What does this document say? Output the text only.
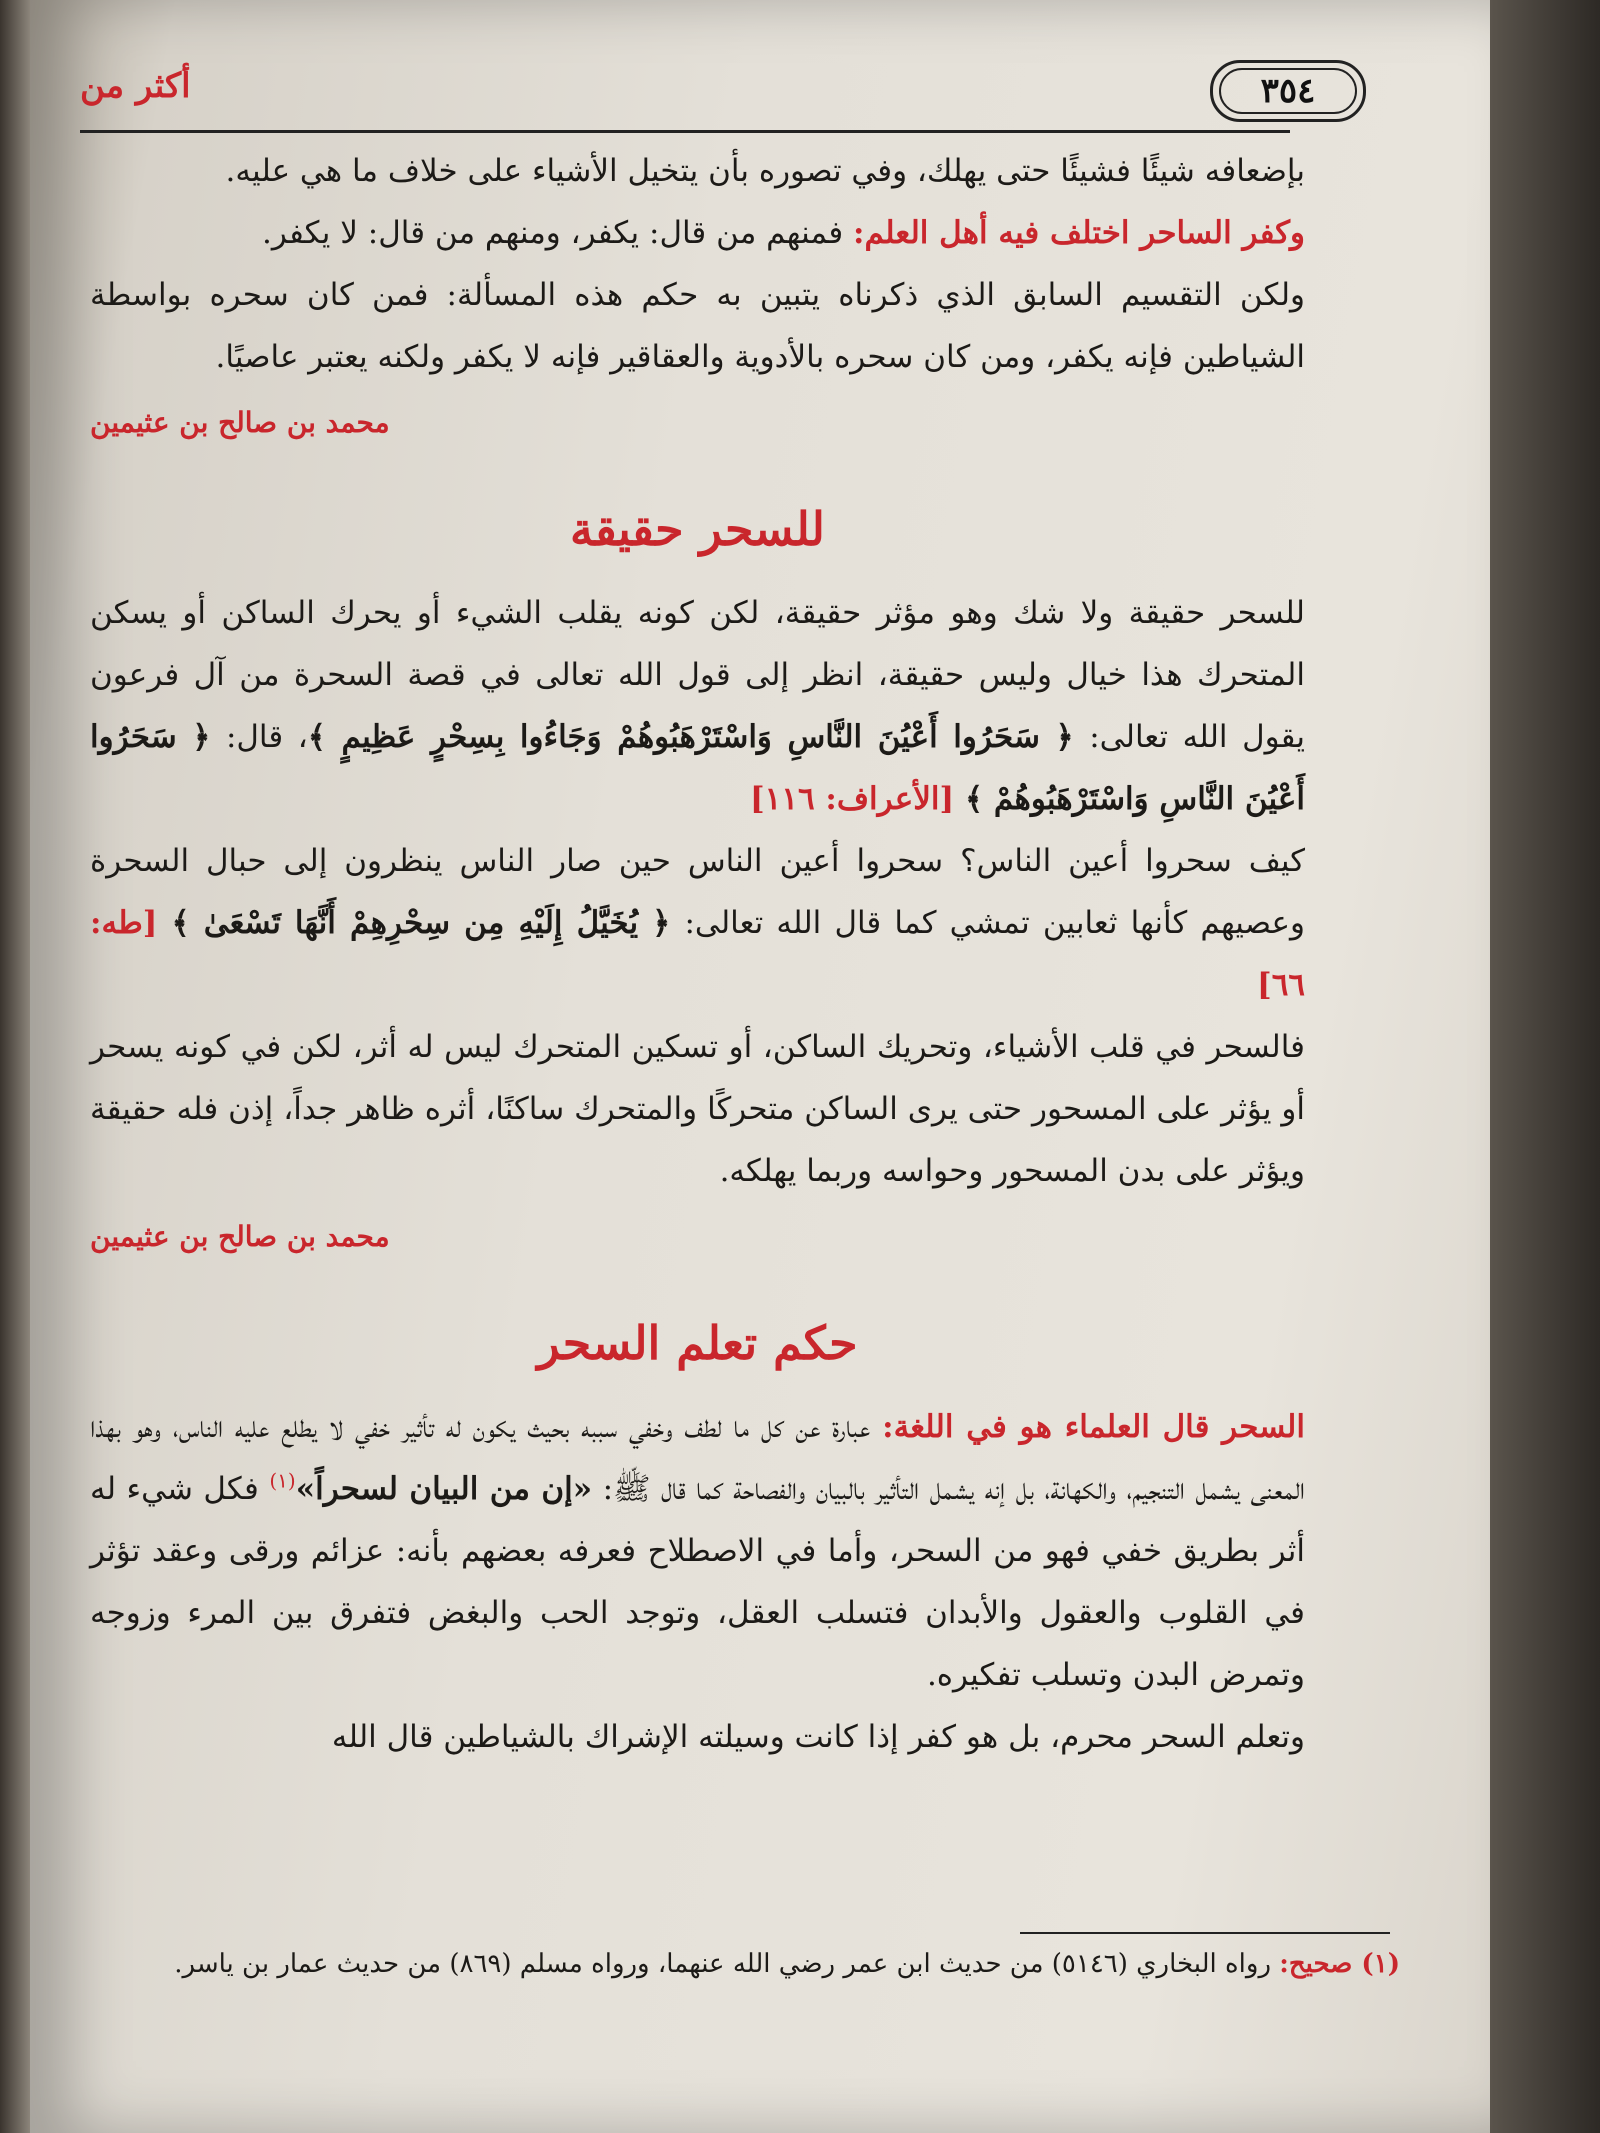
أكثر من	٣٥٤

بإضعافه شيئًا فشيئًا حتى يهلك، وفي تصوره بأن يتخيل الأشياء على خلاف ما هي عليه.

وكفر الساحر اختلف فيه أهل العلم: فمنهم من قال: يكفر، ومنهم من قال: لا يكفر.

ولكن التقسيم السابق الذي ذكرناه يتبين به حكم هذه المسألة: فمن كان سحره بواسطة الشياطين فإنه يكفر، ومن كان سحره بالأدوية والعقاقير فإنه لا يكفر ولكنه يعتبر عاصيًا.

محمد بن صالح بن عثيمين
للسحر حقيقة

للسحر حقيقة ولا شك وهو مؤثر حقيقة، لكن كونه يقلب الشيء أو يحرك الساكن أو يسكن المتحرك هذا خيال وليس حقيقة، انظر إلى قول الله تعالى في قصة السحرة من آل فرعون يقول الله تعالى: ﴿ سَحَرُوا أَعْيُنَ النَّاسِ وَاسْتَرْهَبُوهُمْ وَجَاءُوا بِسِحْرٍ عَظِيمٍ ﴾، قال: ﴿ سَحَرُوا أَعْيُنَ النَّاسِ وَاسْتَرْهَبُوهُمْ ﴾ [الأعراف: ١١٦]

كيف سحروا أعين الناس؟ سحروا أعين الناس حين صار الناس ينظرون إلى حبال السحرة وعصيهم كأنها ثعابين تمشي كما قال الله تعالى: ﴿ يُخَيَّلُ إِلَيْهِ مِن سِحْرِهِمْ أَنَّهَا تَسْعَىٰ ﴾ [طه: ٦٦]

فالسحر في قلب الأشياء، وتحريك الساكن، أو تسكين المتحرك ليس له أثر، لكن في كونه يسحر أو يؤثر على المسحور حتى يرى الساكن متحركًا والمتحرك ساكنًا، أثره ظاهر جداً، إذن فله حقيقة ويؤثر على بدن المسحور وحواسه وربما يهلكه.

محمد بن صالح بن عثيمين
حكم تعلم السحر

السحر قال العلماء هو في اللغة: عبارة عن كل ما لطف وخفي سببه بحيث يكون له تأثير خفي لا يطلع عليه الناس، وهو بهذا المعنى يشمل التنجيم، والكهانة، بل إنه يشمل التأثير بالبيان والفصاحة كما قال ﷺ: «إن من البيان لسحراً»$^{(١)}$ فكل شيء له أثر بطريق خفي فهو من السحر، وأما في الاصطلاح فعرفه بعضهم بأنه: عزائم ورقى وعقد تؤثر في القلوب والعقول والأبدان فتسلب العقل، وتوجد الحب والبغض فتفرق بين المرء وزوجه وتمرض البدن وتسلب تفكيره.

وتعلم السحر محرم، بل هو كفر إذا كانت وسيلته الإشراك بالشياطين قال الله

(١) صحيح: رواه البخاري (٥١٤٦) من حديث ابن عمر رضي الله عنهما، ورواه مسلم (٨٦٩) من حديث عمار بن ياسر.
